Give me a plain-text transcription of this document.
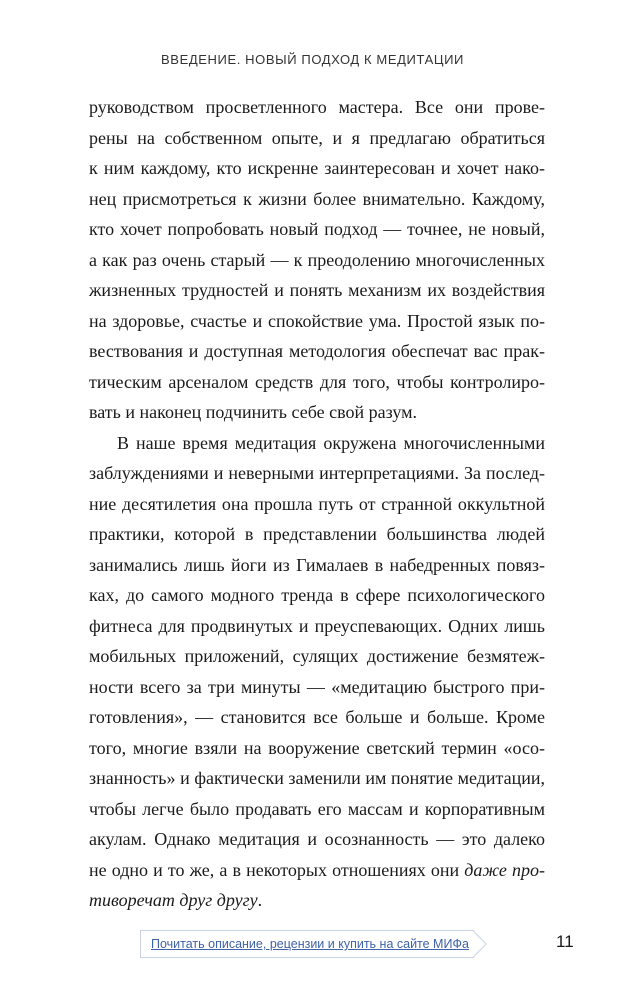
ВВЕДЕНИЕ. НОВЫЙ ПОДХОД К МЕДИТАЦИИ
руководством просветленного мастера. Все они прове-
рены на собственном опыте, и я предлагаю обратиться
к ним каждому, кто искренне заинтересован и хочет нако-
нец присмотреться к жизни более внимательно. Каждому,
кто хочет попробовать новый подход — точнее, не новый,
а как раз очень старый — к преодолению многочисленных
жизненных трудностей и понять механизм их воздействия
на здоровье, счастье и спокойствие ума. Простой язык по-
вествования и доступная методология обеспечат вас прак-
тическим арсеналом средств для того, чтобы контролиро-
вать и наконец подчинить себе свой разум.
В наше время медитация окружена многочисленными
заблуждениями и неверными интерпретациями. За послед-
ние десятилетия она прошла путь от странной оккультной
практики, которой в представлении большинства людей
занимались лишь йоги из Гималаев в набедренных повяз-
ках, до самого модного тренда в сфере психологического
фитнеса для продвинутых и преуспевающих. Одних лишь
мобильных приложений, сулящих достижение безмятеж-
ности всего за три минуты — «медитацию быстрого при-
готовления», — становится все больше и больше. Кроме
того, многие взяли на вооружение светский термин «осо-
знанность» и фактически заменили им понятие медитации,
чтобы легче было продавать его массам и корпоративным
акулам. Однако медитация и осознанность — это далеко
не одно и то же, а в некоторых отношениях они даже про-
тиворечат друг другу.
Почитать описание, рецензии и купить на сайте МИФа	11
